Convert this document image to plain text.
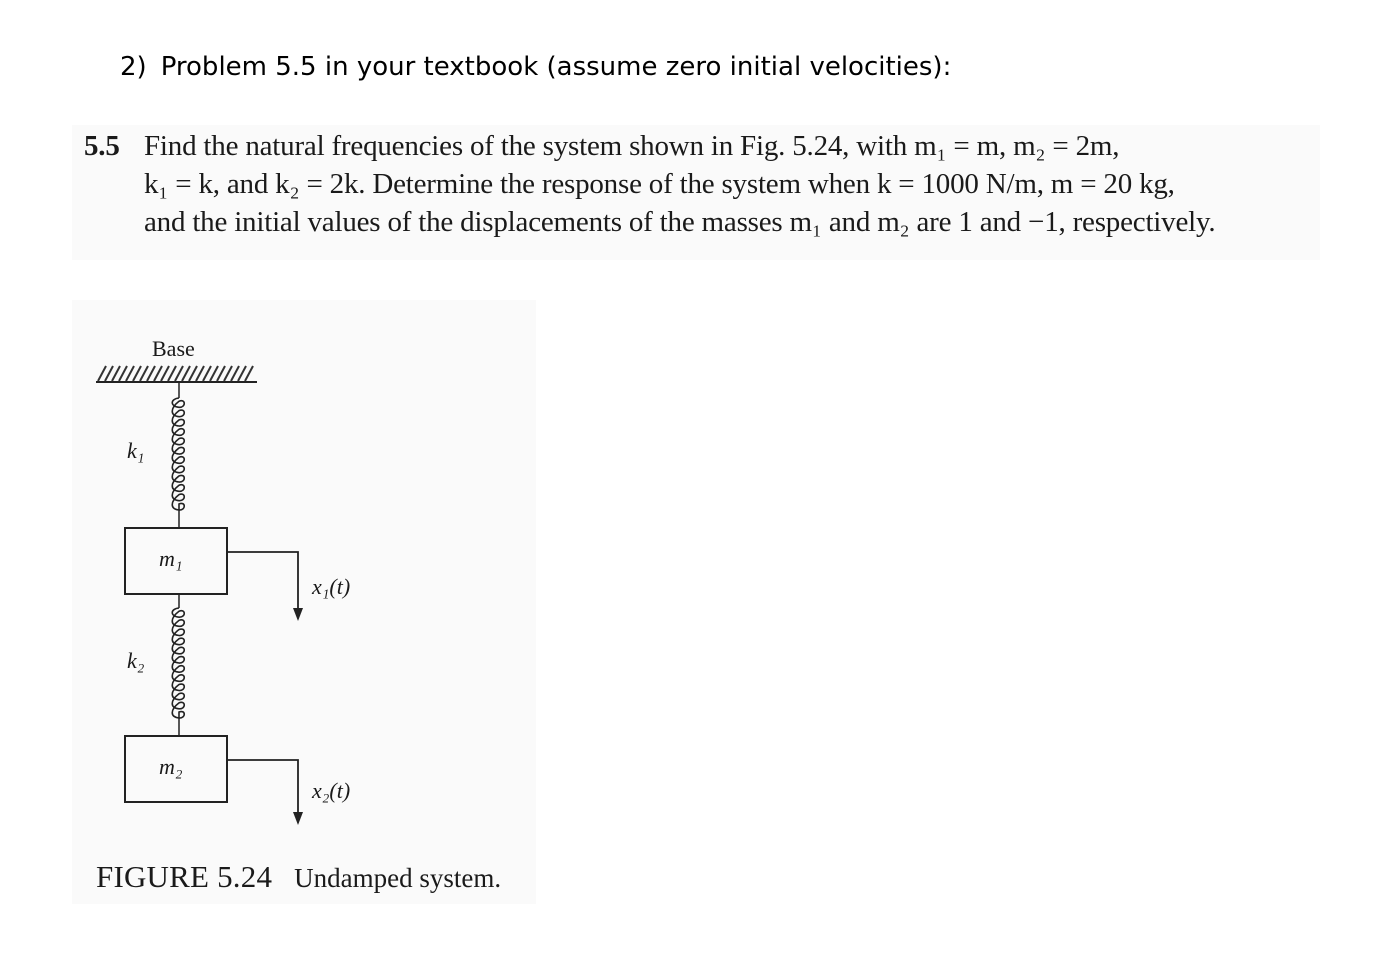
2) Problem 5.5 in your textbook (assume zero initial velocities):
5.5 Find the natural frequencies of the system shown in Fig. 5.24, with m₁ = m, m₂ = 2m,
k₁ = k, and k₂ = 2k. Determine the response of the system when k = 1000 N/m, m = 20 kg,
and the initial values of the displacements of the masses m₁ and m₂ are 1 and −1, respectively.
Base
k₁
m₁
x₁(t)
k₂
m₂
x₂(t)
FIGURE 5.24 Undamped system.
